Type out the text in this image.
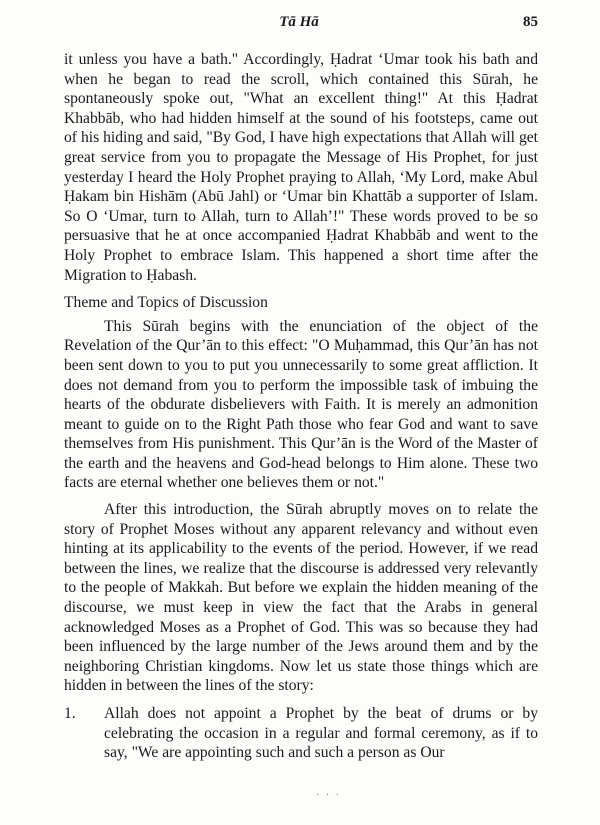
Tā Hā	85

it unless you have a bath." Accordingly, Ḥadrat ‘Umar took his bath and when he began to read the scroll, which contained this Sūrah, he spontaneously spoke out, "What an excellent thing!" At this Ḥadrat Khabbāb, who had hidden himself at the sound of his footsteps, came out of his hiding and said, "By God, I have high expectations that Allah will get great service from you to propagate the Message of His Prophet, for just yesterday I heard the Holy Prophet praying to Allah, ‘My Lord, make Abul Ḥakam bin Hishām (Abū Jahl) or ‘Umar bin Khattāb a supporter of Islam. So O ‘Umar, turn to Allah, turn to Allah’!" These words proved to be so persuasive that he at once accompanied Ḥadrat Khabbāb and went to the Holy Prophet to embrace Islam. This happened a short time after the Migration to Ḥabash.

Theme and Topics of Discussion

This Sūrah begins with the enunciation of the object of the Revelation of the Qur’ān to this effect: "O Muḥammad, this Qur’ān has not been sent down to you to put you unnecessarily to some great affliction. It does not demand from you to perform the impossible task of imbuing the hearts of the obdurate disbelievers with Faith. It is merely an admonition meant to guide on to the Right Path those who fear God and want to save themselves from His punishment. This Qur’ān is the Word of the Master of the earth and the heavens and God-head belongs to Him alone. These two facts are eternal whether one believes them or not."

After this introduction, the Sūrah abruptly moves on to relate the story of Prophet Moses without any apparent relevancy and without even hinting at its applicability to the events of the period. However, if we read between the lines, we realize that the discourse is addressed very relevantly to the people of Makkah. But before we explain the hidden meaning of the discourse, we must keep in view the fact that the Arabs in general acknowledged Moses as a Prophet of God. This was so because they had been influenced by the large number of the Jews around them and by the neighboring Christian kingdoms. Now let us state those things which are hidden in between the lines of the story:

1. Allah does not appoint a Prophet by the beat of drums or by celebrating the occasion in a regular and formal ceremony, as if to say, "We are appointing such and such a person as Our
· · ·
